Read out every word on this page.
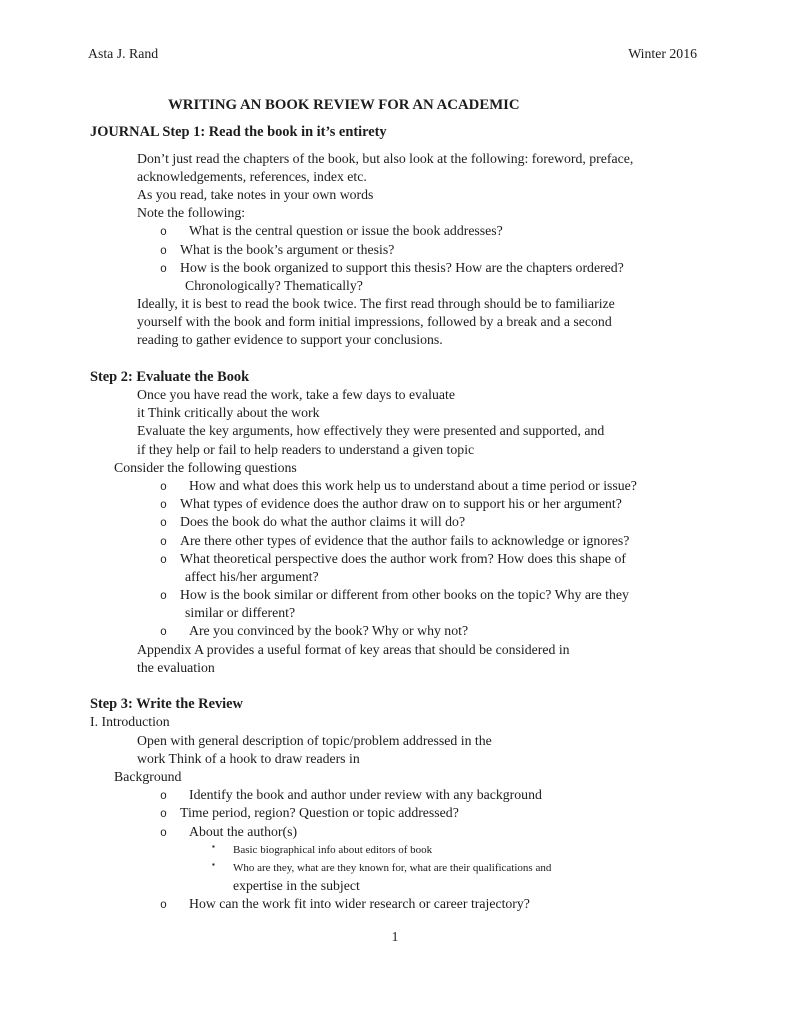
Asta J. Rand	Winter 2016
WRITING AN BOOK REVIEW FOR AN ACADEMIC
JOURNAL Step 1: Read the book in it’s entirety
Don’t just read the chapters of the book, but also look at the following: foreword, preface,
acknowledgements, references, index etc.
As you read, take notes in your own words
Note the following:
o What is the central question or issue the book addresses?
o What is the book’s argument or thesis?
o How is the book organized to support this thesis? How are the chapters ordered?
Chronologically? Thematically?
Ideally, it is best to read the book twice. The first read through should be to familiarize
yourself with the book and form initial impressions, followed by a break and a second
reading to gather evidence to support your conclusions.
Step 2: Evaluate the Book
Once you have read the work, take a few days to evaluate
it Think critically about the work
Evaluate the key arguments, how effectively they were presented and supported, and
if they help or fail to help readers to understand a given topic
Consider the following questions
o How and what does this work help us to understand about a time period or issue?
o What types of evidence does the author draw on to support his or her argument?
o Does the book do what the author claims it will do?
o Are there other types of evidence that the author fails to acknowledge or ignores?
o What theoretical perspective does the author work from? How does this shape of
affect his/her argument?
o How is the book similar or different from other books on the topic? Why are they
similar or different?
o Are you convinced by the book? Why or why not?
Appendix A provides a useful format of key areas that should be considered in
the evaluation
Step 3: Write the Review
I. Introduction
Open with general description of topic/problem addressed in the
work Think of a hook to draw readers in
Background
o Identify the book and author under review with any background
o Time period, region? Question or topic addressed?
o About the author(s)
▪ Basic biographical info about editors of book
▪ Who are they, what are they known for, what are their qualifications and
expertise in the subject
o How can the work fit into wider research or career trajectory?
1
